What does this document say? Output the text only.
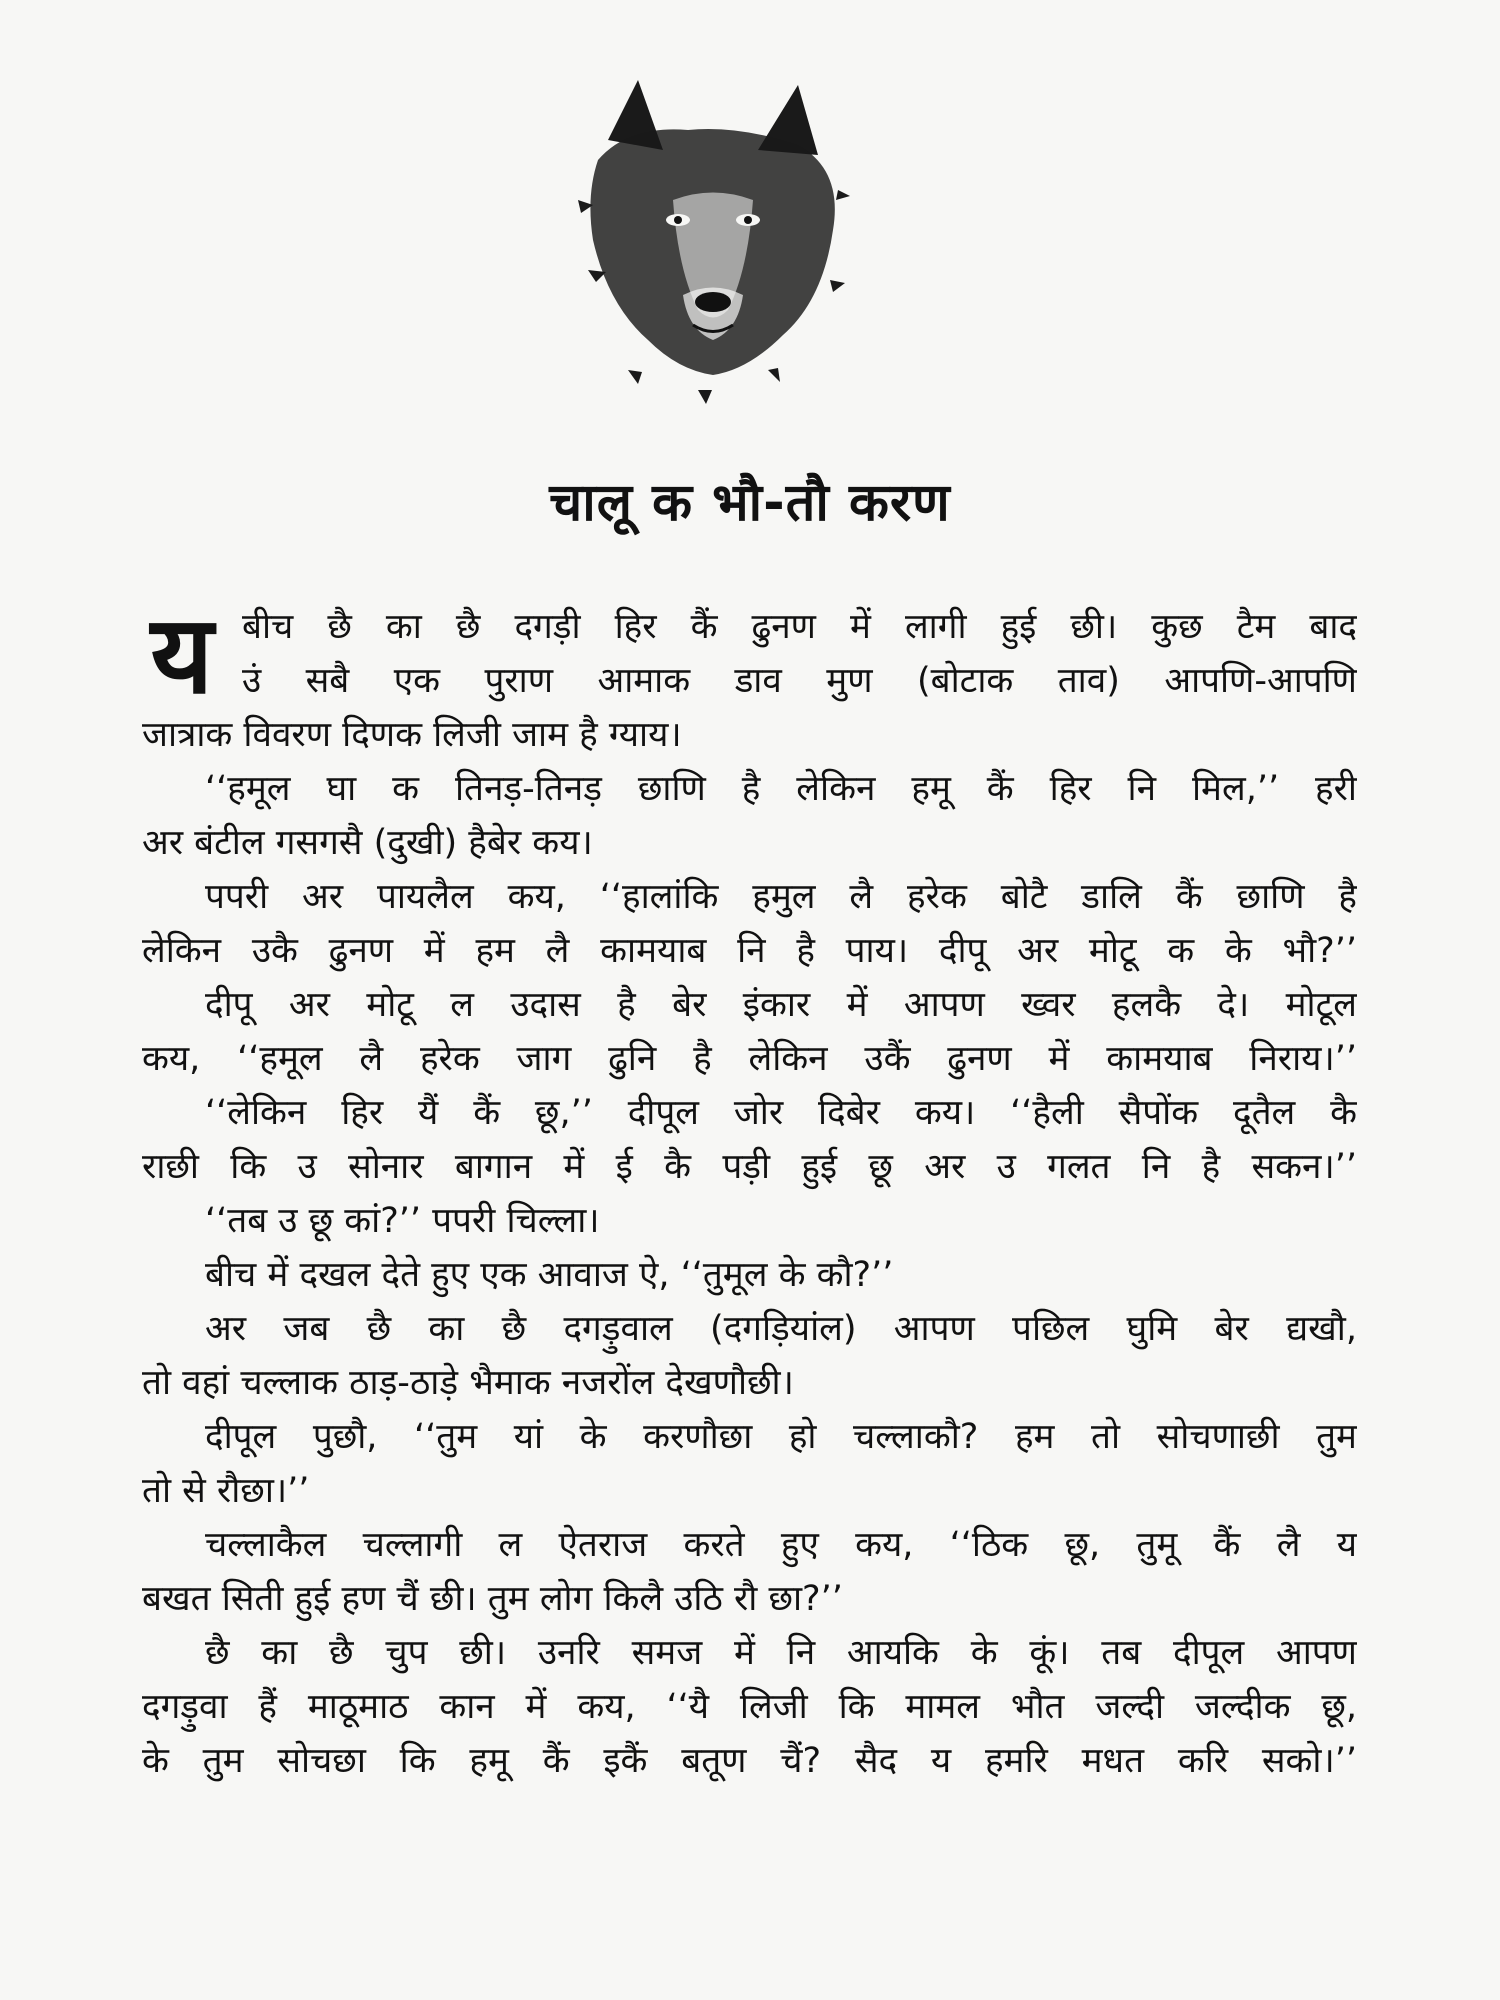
चालू क भौ-तौ करण
य बीच छै का छै दगड़ी हिर कैं ढुनण में लागी हुई छी। कुछ टैम बाद
उं सबै एक पुराण आमाक डाव मुण (बोटाक ताव) आपणि-आपणि
जात्राक विवरण दिणक लिजी जाम है ग्याय।
‘‘हमूल घा क तिनड़-तिनड़ छाणि है लेकिन हमू कैं हिर नि मिल,’’ हरी
अर बंटील गसगसै (दुखी) हैबेर कय।
पपरी अर पायलैल कय, ‘‘हालांकि हमुल लै हरेक बोटै डालि कैं छाणि है
लेकिन उकै ढुनण में हम लै कामयाब नि है पाय। दीपू अर मोटू क के भौ?’’
दीपू अर मोटू ल उदास है बेर इंकार में आपण ख्वर हलकै दे। मोटूल
कय, ‘‘हमूल लै हरेक जाग ढुनि है लेकिन उकैं ढुनण में कामयाब निराय।’’
‘‘लेकिन हिर यैं कैं छू,’’ दीपूल जोर दिबेर कय। ‘‘हैली सैपोंक दूतैल कै
राछी कि उ सोनार बागान में ई कै पड़ी हुई छू अर उ गलत नि है सकन।’’
‘‘तब उ छू कां?’’ पपरी चिल्ला।
बीच में दखल देते हुए एक आवाज ऐ, ‘‘तुमूल के कौ?’’
अर जब छै का छै दगड़ुवाल (दगड़ियांल) आपण पछिल घुमि बेर द्यखौ,
तो वहां चल्लाक ठाड़-ठाड़े भैमाक नजरोंल देखणौछी।
दीपूल पुछौ, ‘‘तुम यां के करणौछा हो चल्लाकौ? हम तो सोचणाछी तुम
तो से रौछा।’’
चल्लाकैल चल्लागी ल ऐतराज करते हुए कय, ‘‘ठिक छू, तुमू कैं लै य
बखत सिती हुई हण चैं छी। तुम लोग किलै उठि रौ छा?’’
छै का छै चुप छी। उनरि समज में नि आयकि के कूं। तब दीपूल आपण
दगड़ुवा हैं माठूमाठ कान में कय, ‘‘यै लिजी कि मामल भौत जल्दी जल्दीक छू,
के तुम सोचछा कि हमू कैं इकैं बतूण चैं? सैद य हमरि मधत करि सको।’’
